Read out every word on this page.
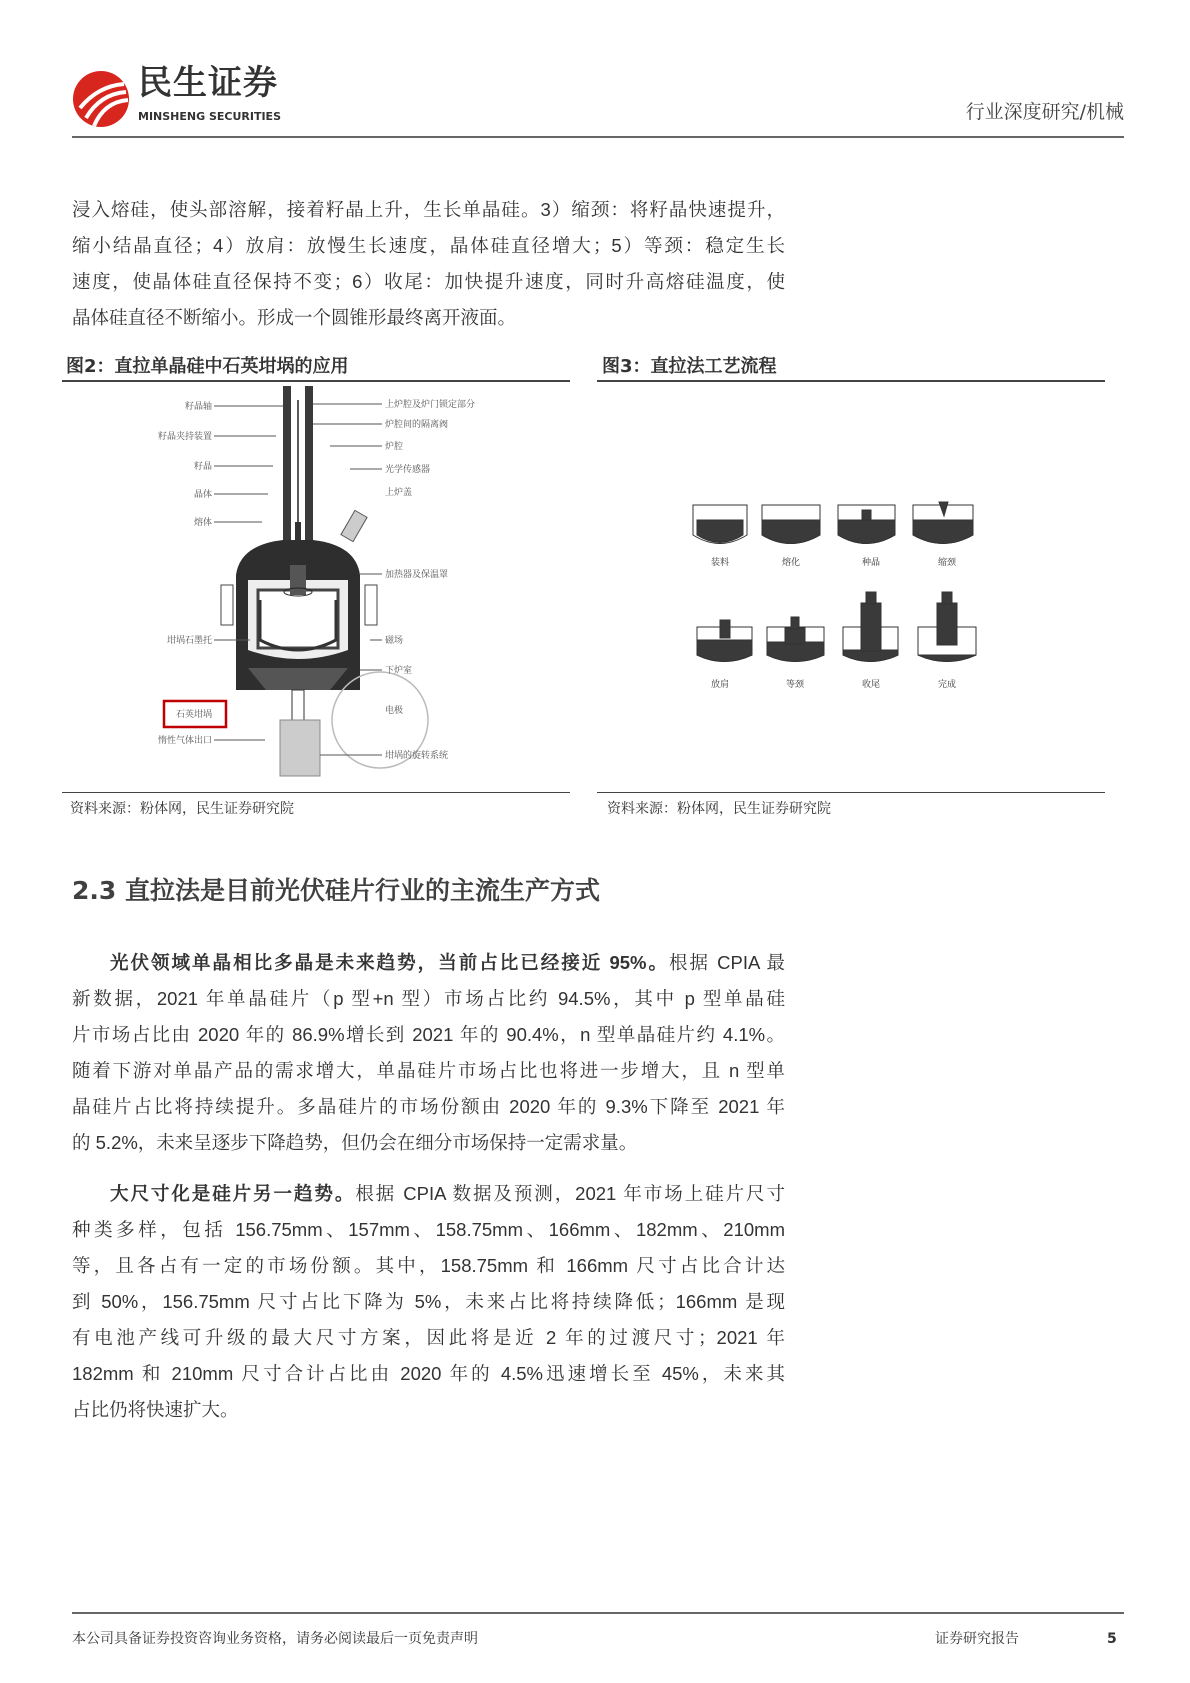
民生证券
MINSHENG SECURITIES	行业深度研究/机械
浸入熔硅，使头部溶解，接着籽晶上升，生长单晶硅。3）缩颈：将籽晶快速提升，
缩小结晶直径；4）放肩：放慢生长速度，晶体硅直径增大；5）等颈：稳定生长
速度，使晶体硅直径保持不变；6）收尾：加快提升速度，同时升高熔硅温度，使
晶体硅直径不断缩小。形成一个圆锥形最终离开液面。
图2：直拉单晶硅中石英坩埚的应用
资料来源：粉体网，民生证券研究院
图3：直拉法工艺流程
资料来源：粉体网，民生证券研究院
籽晶轴
籽晶夹持装置
籽晶
晶体
熔体
坩埚石墨托
石英坩埚
惰性气体出口
上炉腔及炉门锁定部分
炉腔间的隔离阀
炉腔
光学传感器
上炉盖
加热器及保温罩
磁场
下炉室
电极
坩埚的旋转系统
装料	熔化	种晶	缩颈
放肩	等颈	收尾	完成
2.3 直拉法是目前光伏硅片行业的主流生产方式
光伏领域单晶相比多晶是未来趋势，当前占比已经接近 95%。根据 CPIA 最
新数据，2021 年单晶硅片（p 型+n 型）市场占比约 94.5%，其中 p 型单晶硅
片市场占比由 2020 年的 86.9%增长到 2021 年的 90.4%，n 型单晶硅片约 4.1%。
随着下游对单晶产品的需求增大，单晶硅片市场占比也将进一步增大，且 n 型单
晶硅片占比将持续提升。多晶硅片的市场份额由 2020 年的 9.3%下降至 2021 年
的 5.2%，未来呈逐步下降趋势，但仍会在细分市场保持一定需求量。
大尺寸化是硅片另一趋势。根据 CPIA 数据及预测，2021 年市场上硅片尺寸
种类多样，包括 156.75mm、157mm、158.75mm、166mm、182mm、210mm
等，且各占有一定的市场份额。其中，158.75mm 和 166mm 尺寸占比合计达
到 50%，156.75mm 尺寸占比下降为 5%，未来占比将持续降低；166mm 是现
有电池产线可升级的最大尺寸方案，因此将是近 2 年的过渡尺寸；2021 年
182mm 和 210mm 尺寸合计占比由 2020 年的 4.5%迅速增长至 45%，未来其
占比仍将快速扩大。
本公司具备证券投资咨询业务资格，请务必阅读最后一页免责声明	证券研究报告	5
